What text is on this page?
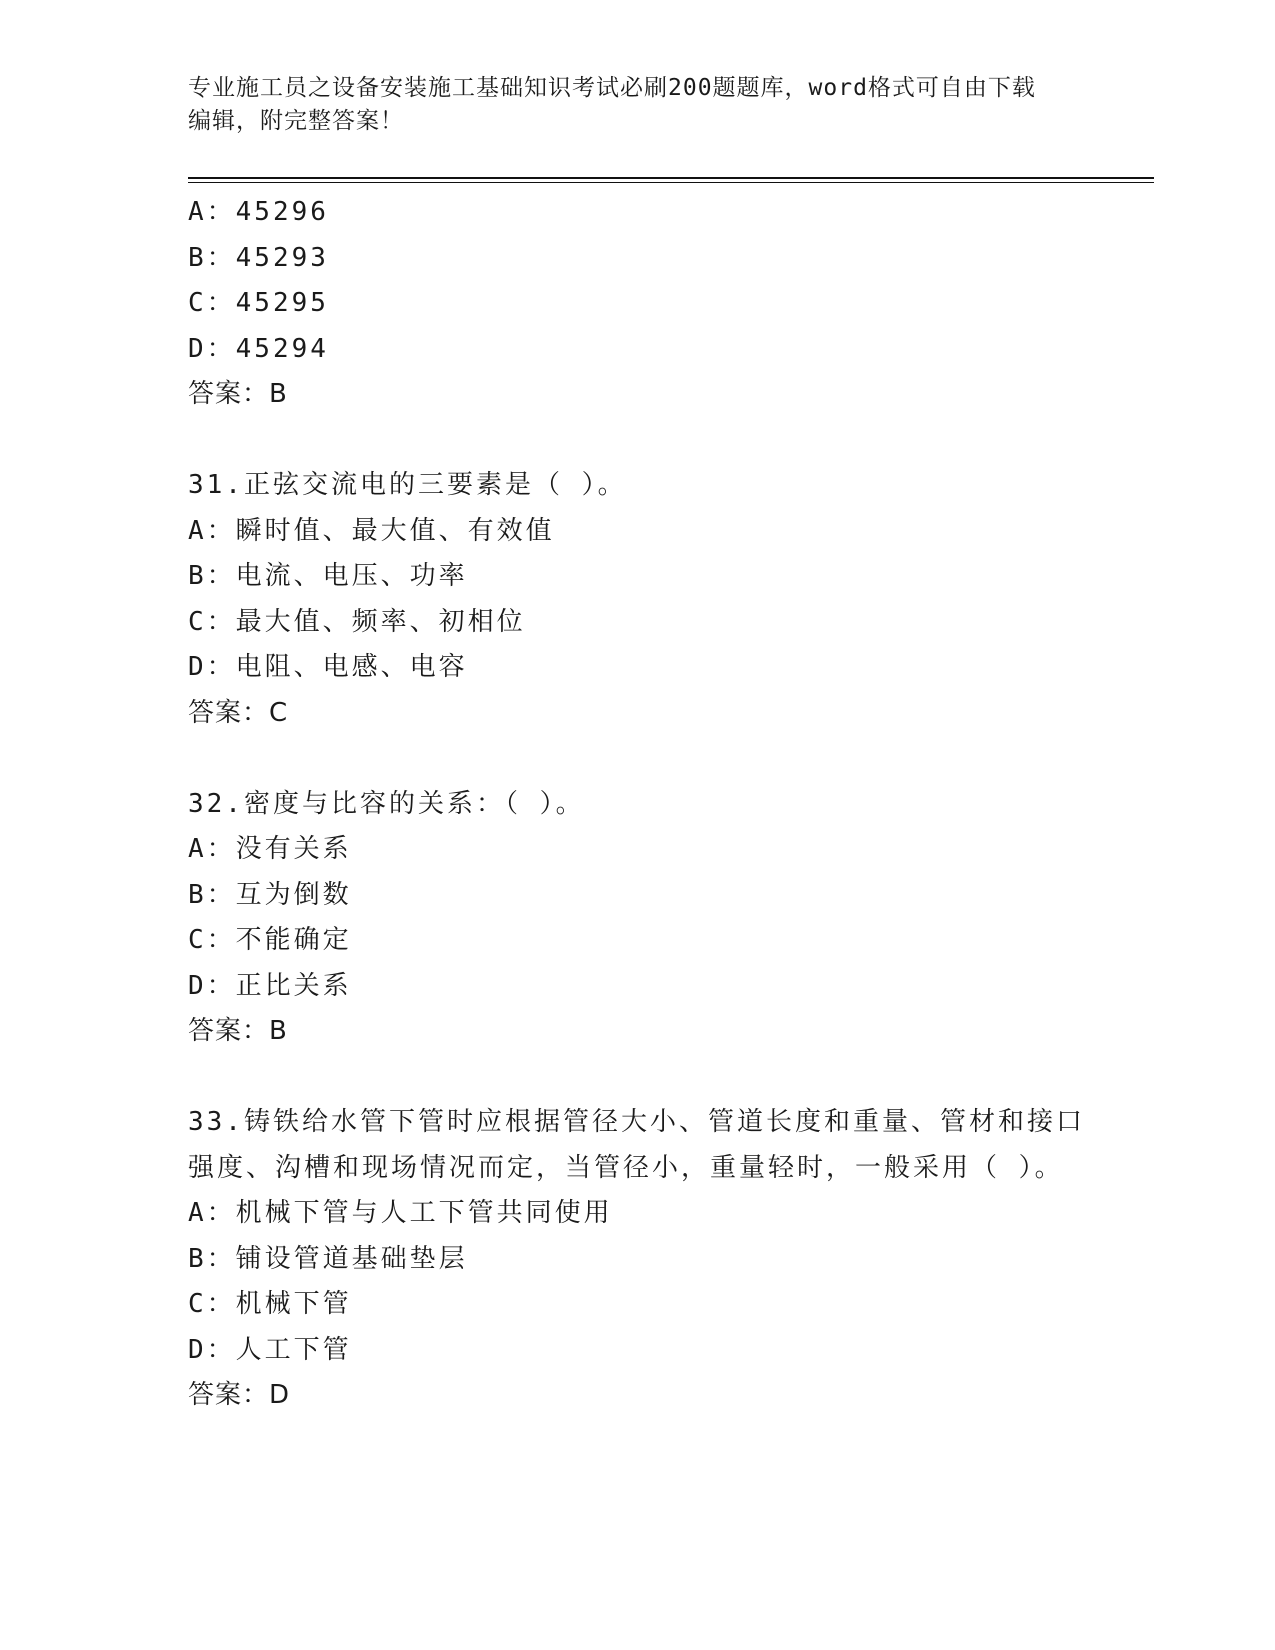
专业施工员之设备安装施工基础知识考试必刷200题题库，word格式可自由下载
编辑，附完整答案！
A：45296
B：45293
C：45295
D：45294
答案：B
31.正弦交流电的三要素是（ ）。
A：瞬时值、最大值、有效值
B：电流、电压、功率
C：最大值、频率、初相位
D：电阻、电感、电容
答案：C
32.密度与比容的关系：（ ）。
A：没有关系
B：互为倒数
C：不能确定
D：正比关系
答案：B
33.铸铁给水管下管时应根据管径大小、管道长度和重量、管材和接口
强度、沟槽和现场情况而定，当管径小，重量轻时，一般采用（ ）。
A：机械下管与人工下管共同使用
B：铺设管道基础垫层
C：机械下管
D：人工下管
答案：D
